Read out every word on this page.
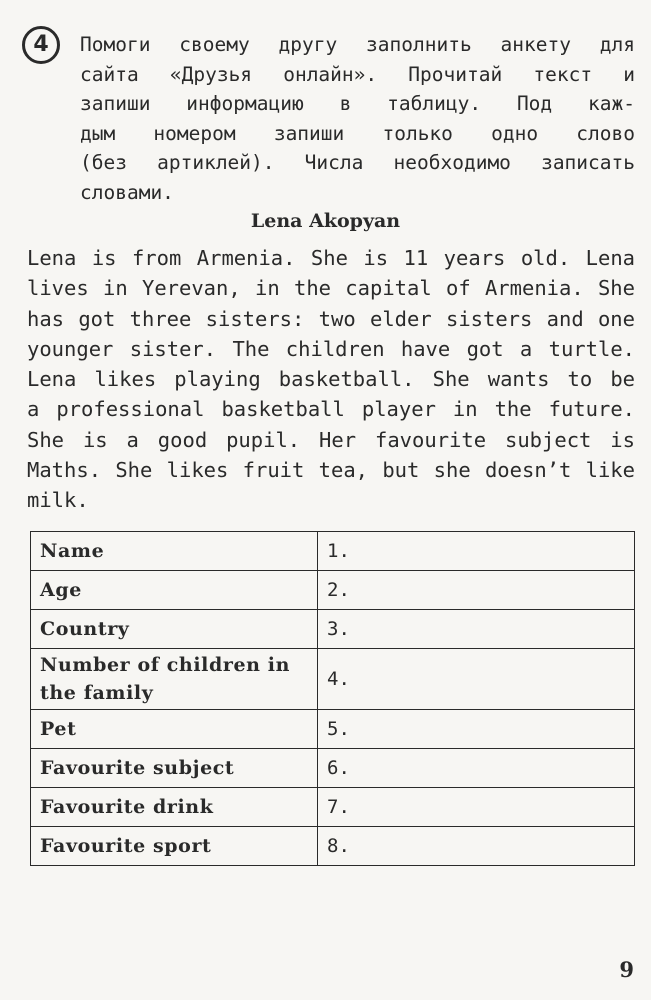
4	Помоги своему другу заполнить анкету для
сайта «Друзья онлайн». Прочитай текст и
запиши информацию в таблицу. Под каж-
дым номером запиши только одно слово
(без артиклей). Числа необходимо записать
словами.
Lena Akopyan
Lena is from Armenia. She is 11 years old. Lena
lives in Yerevan, in the capital of Armenia. She
has got three sisters: two elder sisters and one
younger sister. The children have got a turtle.
Lena likes playing basketball. She wants to be
a professional basketball player in the future.
She is a good pupil. Her favourite subject is
Maths. She likes fruit tea, but she doesn’t like
milk.
Name	1.
Age	2.
Country	3.
Number of children in the family	4.
Pet	5.
Favourite subject	6.
Favourite drink	7.
Favourite sport	8.
9
